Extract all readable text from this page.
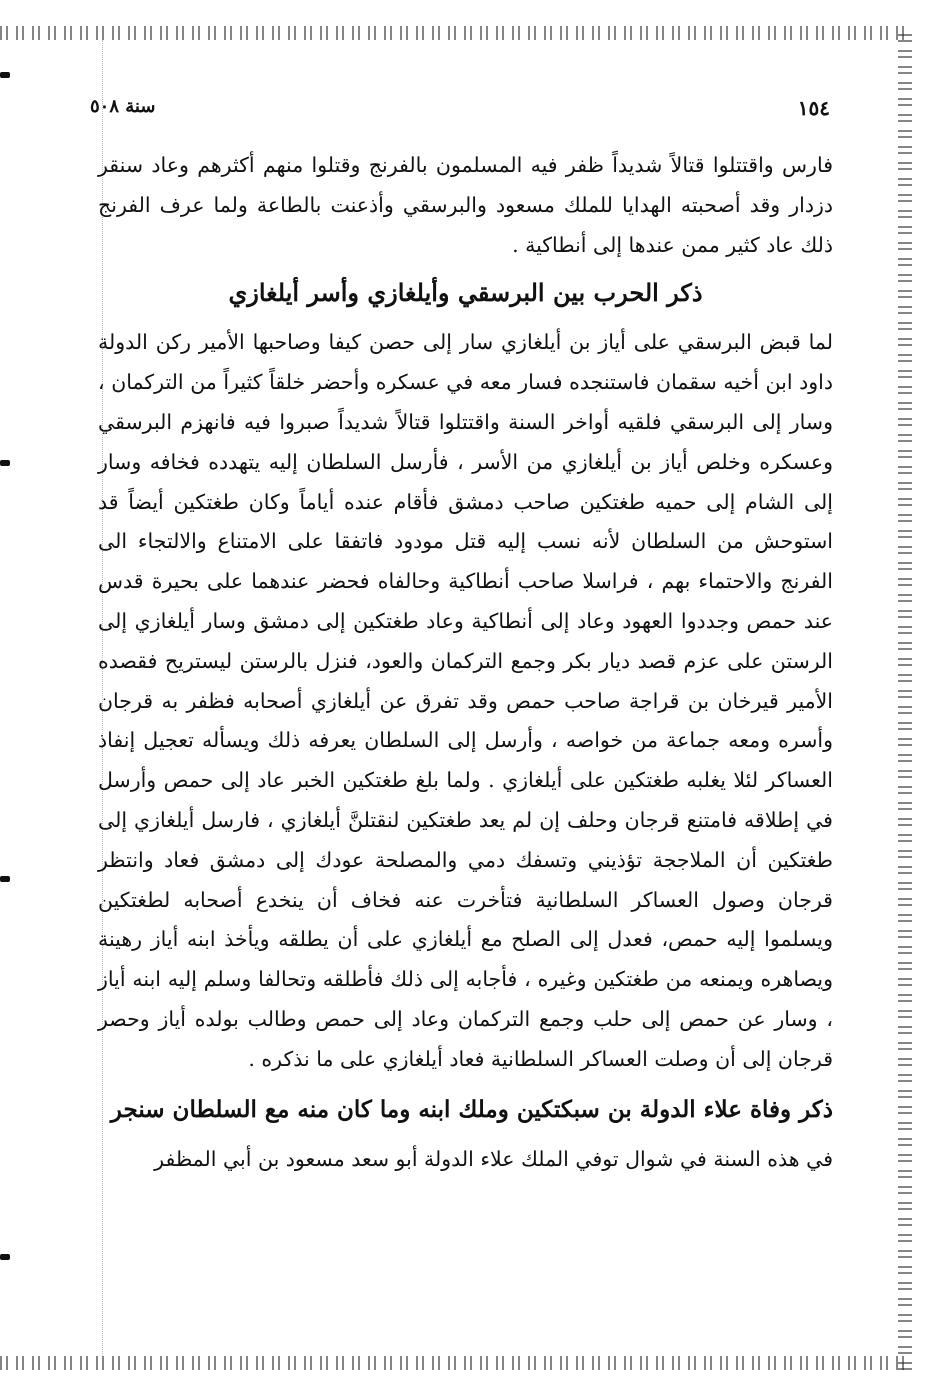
١٥٤
سنة ٥٠٨

فارس واقتتلوا قتالاً شديداً ظفر فيه المسلمون بالفرنج وقتلوا منهم أكثرهم وعاد سنقر دزدار وقد أصحبته الهدايا للملك مسعود والبرسقي وأذعنت بالطاعة ولما عرف الفرنج ذلك عاد كثير ممن عندها إلى أنطاكية .

ذكر الحرب بين البرسقي وأيلغازي وأسر أيلغازي

لما قبض البرسقي على أياز بن أيلغازي سار إلى حصن كيفا وصاحبها الأمير ركن الدولة داود ابن أخيه سقمان فاستنجده فسار معه في عسكره وأحضر خلقاً كثيراً من التركمان ، وسار إلى البرسقي فلقيه أواخر السنة واقتتلوا قتالاً شديداً صبروا فيه فانهزم البرسقي وعسكره وخلص أياز بن أيلغازي من الأسر ، فأرسل السلطان إليه يتهدده فخافه وسار إلى الشام إلى حميه طغتكين صاحب دمشق فأقام عنده أياماً وكان طغتكين أيضاً قد استوحش من السلطان لأنه نسب إليه قتل مودود فاتفقا على الامتناع والالتجاء الى الفرنج والاحتماء بهم ، فراسلا صاحب أنطاكية وحالفاه فحضر عندهما على بحيرة قدس عند حمص وجددوا العهود وعاد إلى أنطاكية وعاد طغتكين إلى دمشق وسار أيلغازي إلى الرستن على عزم قصد ديار بكر وجمع التركمان والعود، فنزل بالرستن ليستريح فقصده الأمير قيرخان بن قراجة صاحب حمص وقد تفرق عن أيلغازي أصحابه فظفر به قرجان وأسره ومعه جماعة من خواصه ، وأرسل إلى السلطان يعرفه ذلك ويسأله تعجيل إنفاذ العساكر لئلا يغلبه طغتكين على أيلغازي . ولما بلغ طغتكين الخبر عاد إلى حمص وأرسل في إطلاقه فامتنع قرجان وحلف إن لم يعد طغتكين لنقتلنَّ أيلغازي ، فارسل أيلغازي إلى طغتكين أن الملاججة تؤذيني وتسفك دمي والمصلحة عودك إلى دمشق فعاد وانتظر قرجان وصول العساكر السلطانية فتأخرت عنه فخاف أن ينخدع أصحابه لطغتكين ويسلموا إليه حمص، فعدل إلى الصلح مع أيلغازي على أن يطلقه ويأخذ ابنه أياز رهينة ويصاهره ويمنعه من طغتكين وغيره ، فأجابه إلى ذلك فأطلقه وتحالفا وسلم إليه ابنه أياز ، وسار عن حمص إلى حلب وجمع التركمان وعاد إلى حمص وطالب بولده أياز وحصر قرجان إلى أن وصلت العساكر السلطانية فعاد أيلغازي على ما نذكره .

ذكر وفاة علاء الدولة بن سبكتكين وملك ابنه وما كان منه مع السلطان سنجر

في هذه السنة في شوال توفي الملك علاء الدولة أبو سعد مسعود بن أبي المظفر
